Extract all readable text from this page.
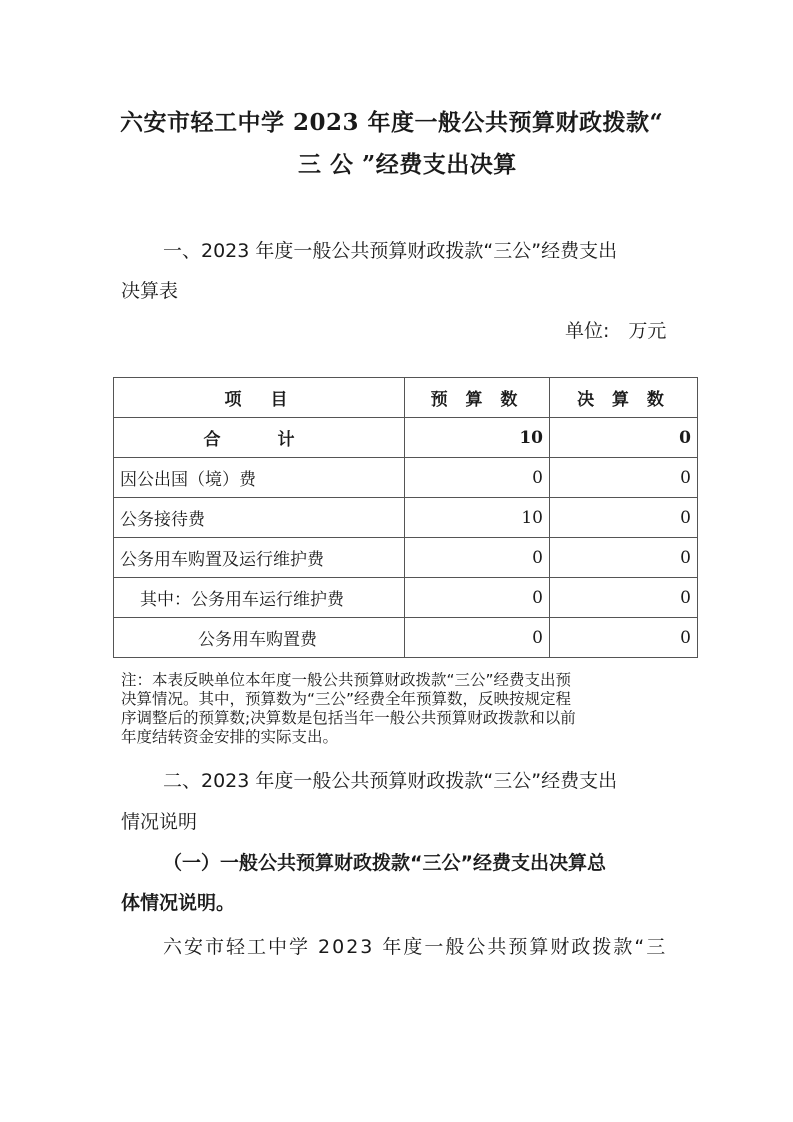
六安市轻工中学 2023 年度一般公共预算财政拨款“
三 公 ”经费支出决算
一、2023 年度一般公共预算财政拨款“三公”经费支出
决算表
单位:　万元
项　目	预 算 数	决 算 数
合　计	10	0
因公出国（境）费	0	0
公务接待费	10	0
公务用车购置及运行维护费	0	0
其中：公务用车运行维护费	0	0
公务用车购置费	0	0
注：本表反映单位本年度一般公共预算财政拨款“三公”经费支出预
决算情况。其中，预算数为“三公”经费全年预算数，反映按规定程
序调整后的预算数;决算数是包括当年一般公共预算财政拨款和以前
年度结转资金安排的实际支出。
二、2023 年度一般公共预算财政拨款“三公”经费支出
情况说明
（一）一般公共预算财政拨款“三公”经费支出决算总
体情况说明。
六安市轻工中学 2023 年度一般公共预算财政拨款“三
